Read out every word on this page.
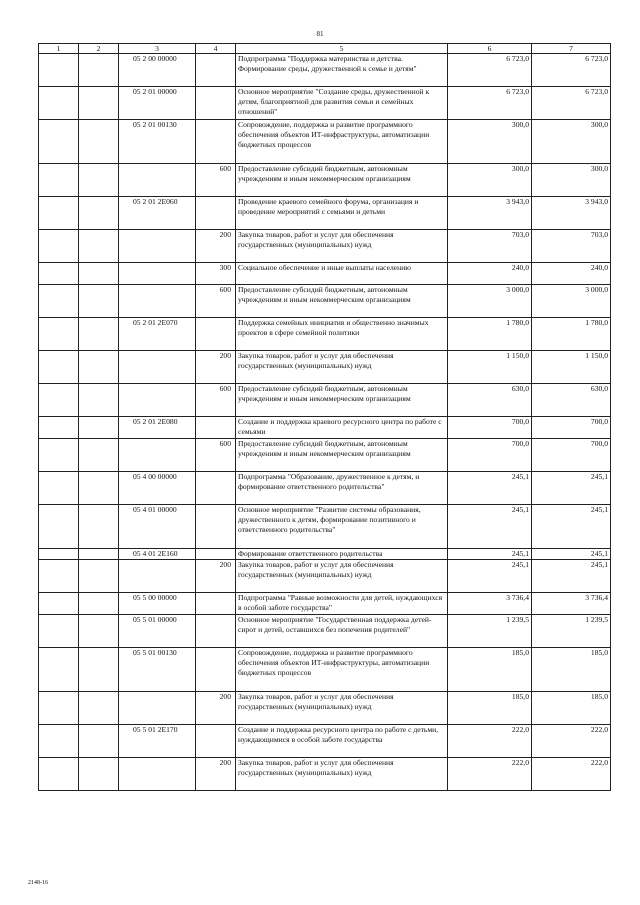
81
1	2	3	4	5	6	7
		05 2 00 00000		Подпрограмма "Поддержка материнства и детства. Формирование среды, дружественной к семье и детям"	6 723,0	6 723,0
		05 2 01 00000		Основное мероприятие "Создание среды, дружественной к детям, благоприятной для развития семьи и семейных отношений"	6 723,0	6 723,0
		05 2 01 00130		Сопровождение, поддержка и развитие программного обеспечения объектов ИТ-инфраструктуры, автоматизации бюджетных процессов	300,0	300,0
			600	Предоставление субсидий бюджетным, автономным учреждениям и иным некоммерческим организациям	300,0	300,0
		05 2 01 2Е060		Проведение краевого семейного форума, организация и проведение мероприятий с семьями и детьми	3 943,0	3 943,0
			200	Закупка товаров, работ и услуг для обеспечения государственных (муниципальных) нужд	703,0	703,0
			300	Социальное обеспечение и иные выплаты населению	240,0	240,0
			600	Предоставление субсидий бюджетным, автономным учреждениям и иным некоммерческим организациям	3 000,0	3 000,0
		05 2 01 2Е070		Поддержка семейных инициатив и общественно значимых проектов в сфере семейной политики	1 780,0	1 780,0
			200	Закупка товаров, работ и услуг для обеспечения государственных (муниципальных) нужд	1 150,0	1 150,0
			600	Предоставление субсидий бюджетным, автономным учреждениям и иным некоммерческим организациям	630,0	630,0
		05 2 01 2Е080		Создание и поддержка краевого ресурсного центра по работе с семьями	700,0	700,0
			600	Предоставление субсидий бюджетным, автономным учреждениям и иным некоммерческим организациям	700,0	700,0
		05 4 00 00000		Подпрограмма "Образование, дружественное к детям, и формирование ответственного родительства"	245,1	245,1
		05 4 01 00000		Основное мероприятие "Развитие системы образования, дружественного к детям, формирование позитивного и ответственного родительства"	245,1	245,1
		05 4 01 2Е160		Формирование ответственного родительства	245,1	245,1
			200	Закупка товаров, работ и услуг для обеспечения государственных (муниципальных) нужд	245,1	245,1
		05 5 00 00000		Подпрограмма "Равные возможности для детей, нуждающихся в особой заботе государства"	3 736,4	3 736,4
		05 5 01 00000		Основное мероприятие "Государственная поддержка детей-сирот и детей, оставшихся без попечения родителей"	1 239,5	1 239,5
		05 5 01 00130		Сопровождение, поддержка и развитие программного обеспечения объектов ИТ-инфраструктуры, автоматизации бюджетных процессов	185,0	185,0
			200	Закупка товаров, работ и услуг для обеспечения государственных (муниципальных) нужд	185,0	185,0
		05 5 01 2Е170		Создание и поддержка ресурсного центра по работе с детьми, нуждающимися в особой заботе государства	222,0	222,0
			200	Закупка товаров, работ и услуг для обеспечения государственных (муниципальных) нужд	222,0	222,0
2148-16
